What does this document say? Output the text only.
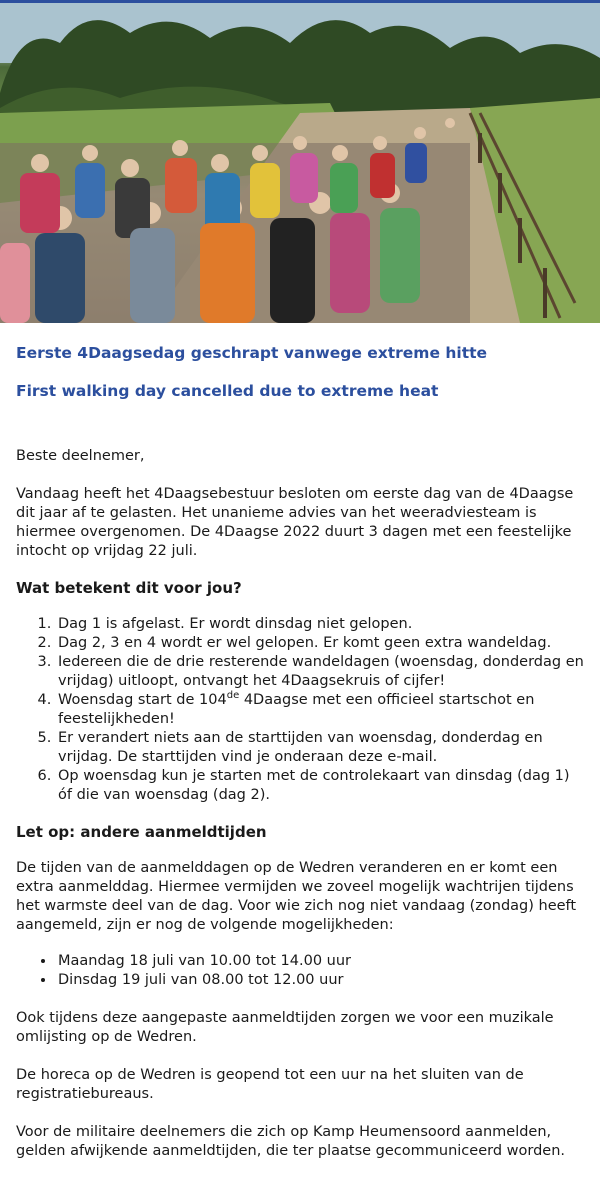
Eerste 4Daagsedag geschrapt vanwege extreme hitte
First walking day cancelled due to extreme heat

Beste deelnemer,

Vandaag heeft het 4Daagsebestuur besloten om eerste dag van de 4Daagse dit jaar af te gelasten. Het unanieme advies van het weeradviesteam is hiermee overgenomen. De 4Daagse 2022 duurt 3 dagen met een feestelijke intocht op vrijdag 22 juli.

Wat betekent dit voor jou?
1. Dag 1 is afgelast. Er wordt dinsdag niet gelopen.
2. Dag 2, 3 en 4 wordt er wel gelopen. Er komt geen extra wandeldag.
3. Iedereen die de drie resterende wandeldagen (woensdag, donderdag en vrijdag) uitloopt, ontvangt het 4Daagsekruis of cijfer!
4. Woensdag start de 104de 4Daagse met een officieel startschot en feestelijkheden!
5. Er verandert niets aan de starttijden van woensdag, donderdag en vrijdag. De starttijden vind je onderaan deze e-mail.
6. Op woensdag kun je starten met de controlekaart van dinsdag (dag 1) óf die van woensdag (dag 2).
Let op: andere aanmeldtijden

De tijden van de aanmelddagen op de Wedren veranderen en er komt een extra aanmelddag. Hiermee vermijden we zoveel mogelijk wachtrijen tijdens het warmste deel van de dag. Voor wie zich nog niet vandaag (zondag) heeft aangemeld, zijn er nog de volgende mogelijkheden:

• Maandag 18 juli van 10.00 tot 14.00 uur
• Dinsdag 19 juli van 08.00 tot 12.00 uur

Ook tijdens deze aangepaste aanmeldtijden zorgen we voor een muzikale omlijsting op de Wedren.

De horeca op de Wedren is geopend tot een uur na het sluiten van de registratiebureaus.

Voor de militaire deelnemers die zich op Kamp Heumensoord aanmelden, gelden afwijkende aanmeldtijden, die ter plaatse gecommuniceerd worden.
